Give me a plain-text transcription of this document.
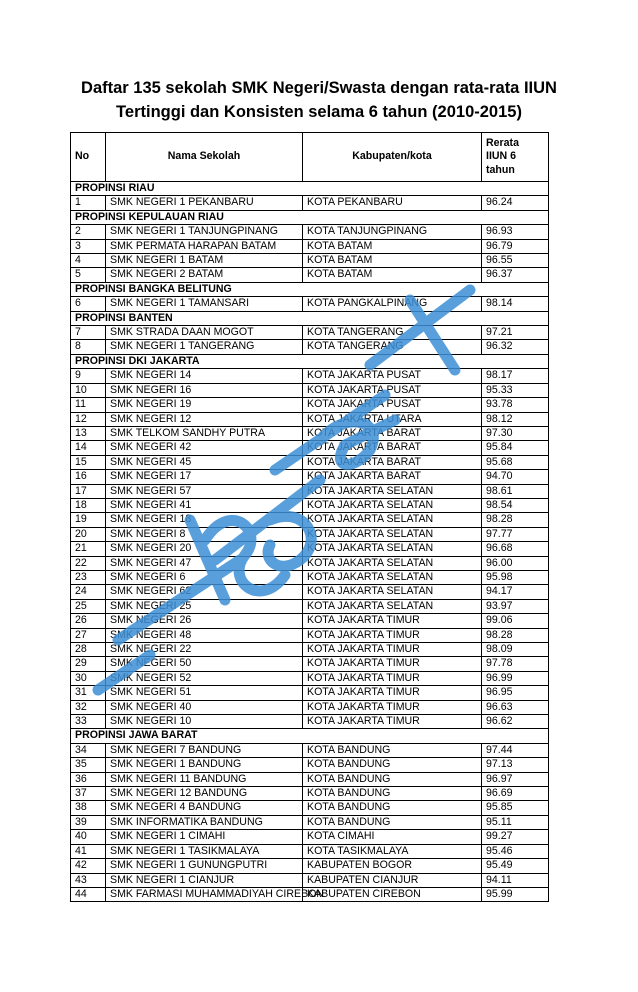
Daftar 135 sekolah SMK Negeri/Swasta dengan rata-rata IIUN
Tertinggi dan Konsisten selama 6 tahun (2010-2015)
No	Nama Sekolah	Kabupaten/kota	Rerata
IIUN 6
tahun

PROPINSI RIAU			
1	SMK NEGERI 1 PEKANBARU	KOTA PEKANBARU	96.24
PROPINSI KEPULAUAN RIAU			
2	SMK NEGERI 1 TANJUNGPINANG	KOTA TANJUNGPINANG	96.93
3	SMK PERMATA HARAPAN BATAM	KOTA BATAM	96.79
4	SMK NEGERI 1 BATAM	KOTA BATAM	96.55
5	SMK NEGERI 2 BATAM	KOTA BATAM	96.37
PROPINSI BANGKA BELITUNG			
6	SMK NEGERI 1 TAMANSARI	KOTA PANGKALPINANG	98.14
PROPINSI BANTEN			
7	SMK STRADA DAAN MOGOT	KOTA TANGERANG	97.21
8	SMK NEGERI 1 TANGERANG	KOTA TANGERANG	96.32
PROPINSI DKI JAKARTA			
9	SMK NEGERI 14	KOTA JAKARTA PUSAT	98.17
10	SMK NEGERI 16	KOTA JAKARTA PUSAT	95.33
11	SMK NEGERI 19	KOTA JAKARTA PUSAT	93.78
12	SMK NEGERI 12	KOTA JAKARTA UTARA	98.12
13	SMK TELKOM SANDHY PUTRA	KOTA JAKARTA BARAT	97.30
14	SMK NEGERI 42	KOTA JAKARTA BARAT	95.84
15	SMK NEGERI 45	KOTA JAKARTA BARAT	95.68
16	SMK NEGERI 17	KOTA JAKARTA BARAT	94.70
17	SMK NEGERI 57	KOTA JAKARTA SELATAN	98.61
18	SMK NEGERI 41	KOTA JAKARTA SELATAN	98.54
19	SMK NEGERI 18	KOTA JAKARTA SELATAN	98.28
20	SMK NEGERI 8	KOTA JAKARTA SELATAN	97.77
21	SMK NEGERI 20	KOTA JAKARTA SELATAN	96.68
22	SMK NEGERI 47	KOTA JAKARTA SELATAN	96.00
23	SMK NEGERI 6	KOTA JAKARTA SELATAN	95.98
24	SMK NEGERI 62	KOTA JAKARTA SELATAN	94.17
25	SMK NEGERI 25	KOTA JAKARTA SELATAN	93.97
26	SMK NEGERI 26	KOTA JAKARTA TIMUR	99.06
27	SMK NEGERI 48	KOTA JAKARTA TIMUR	98.28
28	SMK NEGERI 22	KOTA JAKARTA TIMUR	98.09
29	SMK NEGERI 50	KOTA JAKARTA TIMUR	97.78
30	SMK NEGERI 52	KOTA JAKARTA TIMUR	96.99
31	SMK NEGERI 51	KOTA JAKARTA TIMUR	96.95
32	SMK NEGERI 40	KOTA JAKARTA TIMUR	96.63
33	SMK NEGERI 10	KOTA JAKARTA TIMUR	96.62
PROPINSI JAWA BARAT			
34	SMK NEGERI 7 BANDUNG	KOTA BANDUNG	97.44
35	SMK NEGERI 1 BANDUNG	KOTA BANDUNG	97.13
36	SMK NEGERI 11 BANDUNG	KOTA BANDUNG	96.97
37	SMK NEGERI 12 BANDUNG	KOTA BANDUNG	96.69
38	SMK NEGERI 4 BANDUNG	KOTA BANDUNG	95.85
39	SMK INFORMATIKA BANDUNG	KOTA BANDUNG	95.11
40	SMK NEGERI 1 CIMAHI	KOTA CIMAHI	99.27
41	SMK NEGERI 1 TASIKMALAYA	KOTA TASIKMALAYA	95.46
42	SMK NEGERI 1 GUNUNGPUTRI	KABUPATEN BOGOR	95.49
43	SMK NEGERI 1 CIANJUR	KABUPATEN CIANJUR	94.11
44	SMK FARMASI MUHAMMADIYAH CIREBON	KABUPATEN CIREBON	95.99
